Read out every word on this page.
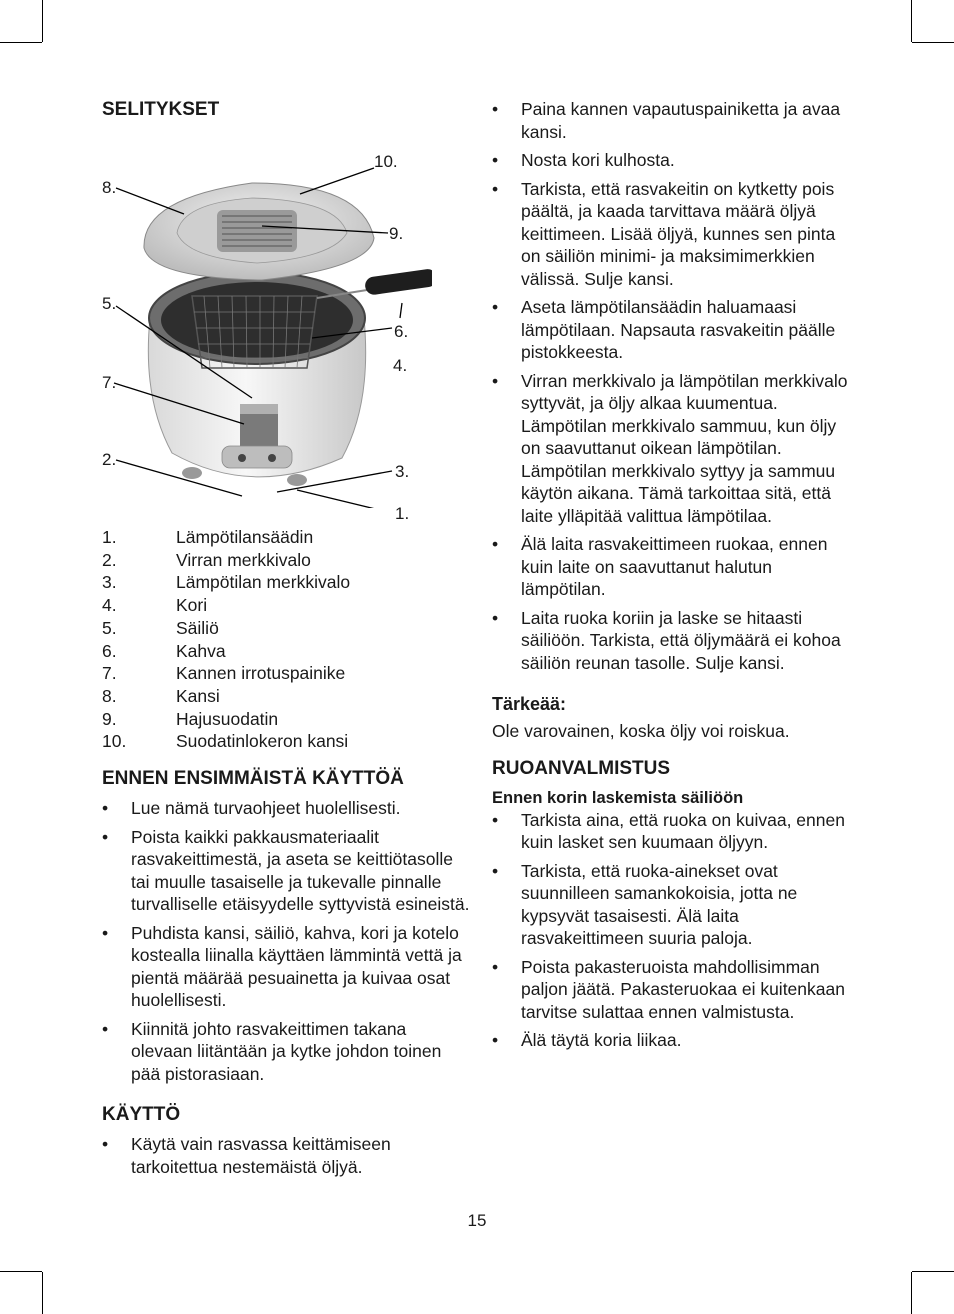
SELITYKSET
8.
10.
9.
5.
6.
4.
7.
2.
3.
1.
1.	Lämpötilansäädin
2.	Virran merkkivalo
3.	Lämpötilan merkkivalo
4.	Kori
5.	Säiliö
6.	Kahva
7.	Kannen irrotuspainike
8.	Kansi
9.	Hajusuodatin
10.	Suodatinlokeron kansi
ENNEN ENSIMMÄISTÄ KÄYTTÖÄ
• Lue nämä turvaohjeet huolellisesti.
• Poista kaikki pakkausmateriaalit rasvakeittimestä, ja aseta se keittiötasolle tai muulle tasaiselle ja tukevalle pinnalle turvalliselle etäisyydelle syttyvistä esineistä.
• Puhdista kansi, säiliö, kahva, kori ja kotelo kostealla liinalla käyttäen lämmintä vettä ja pientä määrää pesuainetta ja kuivaa osat huolellisesti.
• Kiinnitä johto rasvakeittimen takana olevaan liitäntään ja kytke johdon toinen pää pistorasiaan.
KÄYTTÖ
• Käytä vain rasvassa keittämiseen tarkoitettua nestemäistä öljyä.
• Paina kannen vapautuspainiketta ja avaa kansi.
• Nosta kori kulhosta.
• Tarkista, että rasvakeitin on kytketty pois päältä, ja kaada tarvittava määrä öljyä keittimeen. Lisää öljyä, kunnes sen pinta on säiliön minimi- ja maksimimerkkien välissä. Sulje kansi.
• Aseta lämpötilansäädin haluamaasi lämpötilaan. Napsauta rasvakeitin päälle pistokkeesta.
• Virran merkkivalo ja lämpötilan merkkivalo syttyvät, ja öljy alkaa kuumentua. Lämpötilan merkkivalo sammuu, kun öljy on saavuttanut oikean lämpötilan. Lämpötilan merkkivalo syttyy ja sammuu käytön aikana. Tämä tarkoittaa sitä, että laite ylläpitää valittua lämpötilaa.
• Älä laita rasvakeittimeen ruokaa, ennen kuin laite on saavuttanut halutun lämpötilan.
• Laita ruoka koriin ja laske se hitaasti säiliöön. Tarkista, että öljymäärä ei kohoa säiliön reunan tasolle. Sulje kansi.
Tärkeää:

Ole varovainen, koska öljy voi roiskua.

RUOANVALMISTUS
Ennen korin laskemista säiliöön
• Tarkista aina, että ruoka on kuivaa, ennen kuin lasket sen kuumaan öljyyn.
• Tarkista, että ruoka-ainekset ovat suunnilleen samankokoisia, jotta ne kypsyvät tasaisesti. Älä laita rasvakeittimeen suuria paloja.
• Poista pakasteruoista mahdollisimman paljon jäätä. Pakasteruokaa ei kuitenkaan tarvitse sulattaa ennen valmistusta.
• Älä täytä koria liikaa.
15
